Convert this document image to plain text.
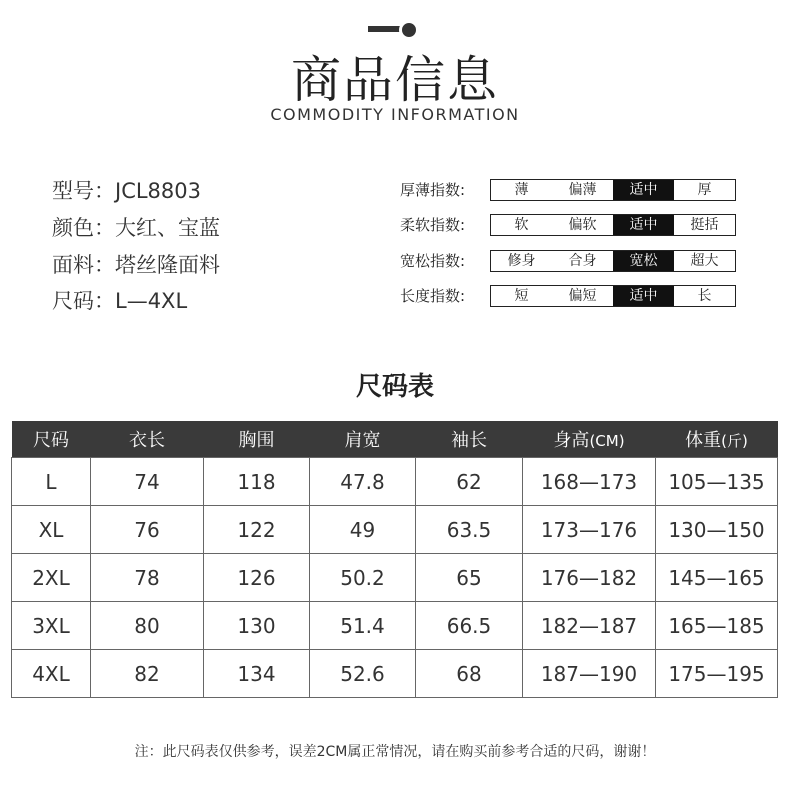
商品信息
COMMODITY INFORMATION
型号：JCL8803
颜色：大红、宝蓝
面料：塔丝隆面料
尺码：L—4XL
厚薄指数:	薄	偏薄	适中	厚
柔软指数:	软	偏软	适中	挺括
宽松指数:	修身	合身	宽松	超大
长度指数:	短	偏短	适中	长
尺码表
尺码	衣长	胸围	肩宽	袖长	身高(CM)	体重(斤)
L	74	118	47.8	62	168—173	105—135
XL	76	122	49	63.5	173—176	130—150
2XL	78	126	50.2	65	176—182	145—165
3XL	80	130	51.4	66.5	182—187	165—185
4XL	82	134	52.6	68	187—190	175—195
注：此尺码表仅供参考，误差2CM属正常情况，请在购买前参考合适的尺码，谢谢！
